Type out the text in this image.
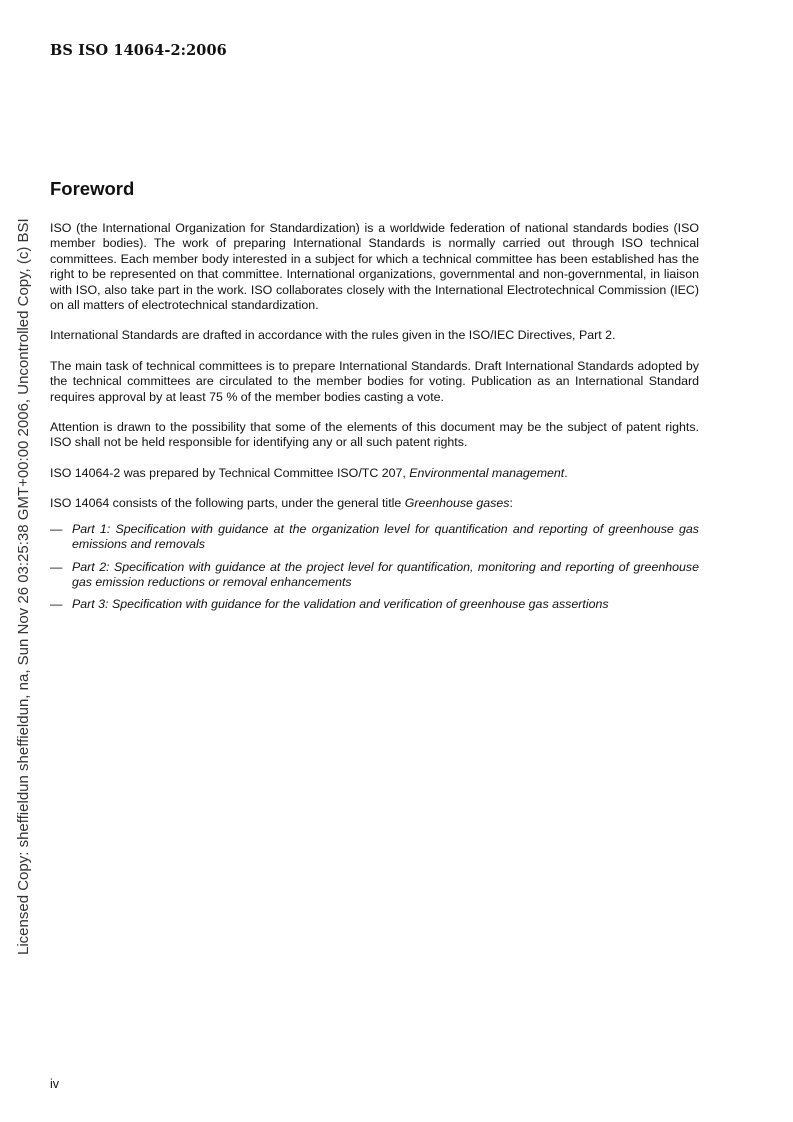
BS ISO 14064-2:2006
Licensed Copy: sheffieldun sheffieldun, na, Sun Nov 26 03:25:38 GMT+00:00 2006, Uncontrolled Copy, (c) BSI
Foreword

ISO (the International Organization for Standardization) is a worldwide federation of national standards bodies (ISO member bodies). The work of preparing International Standards is normally carried out through ISO technical committees. Each member body interested in a subject for which a technical committee has been established has the right to be represented on that committee. International organizations, governmental and non-governmental, in liaison with ISO, also take part in the work. ISO collaborates closely with the International Electrotechnical Commission (IEC) on all matters of electrotechnical standardization.

International Standards are drafted in accordance with the rules given in the ISO/IEC Directives, Part 2.

The main task of technical committees is to prepare International Standards. Draft International Standards adopted by the technical committees are circulated to the member bodies for voting. Publication as an International Standard requires approval by at least 75 % of the member bodies casting a vote.

Attention is drawn to the possibility that some of the elements of this document may be the subject of patent rights. ISO shall not be held responsible for identifying any or all such patent rights.

ISO 14064-2 was prepared by Technical Committee ISO/TC 207, Environmental management.

ISO 14064 consists of the following parts, under the general title Greenhouse gases:

— Part 1: Specification with guidance at the organization level for quantification and reporting of greenhouse gas emissions and removals
— Part 2: Specification with guidance at the project level for quantification, monitoring and reporting of greenhouse gas emission reductions or removal enhancements
— Part 3: Specification with guidance for the validation and verification of greenhouse gas assertions
iv
